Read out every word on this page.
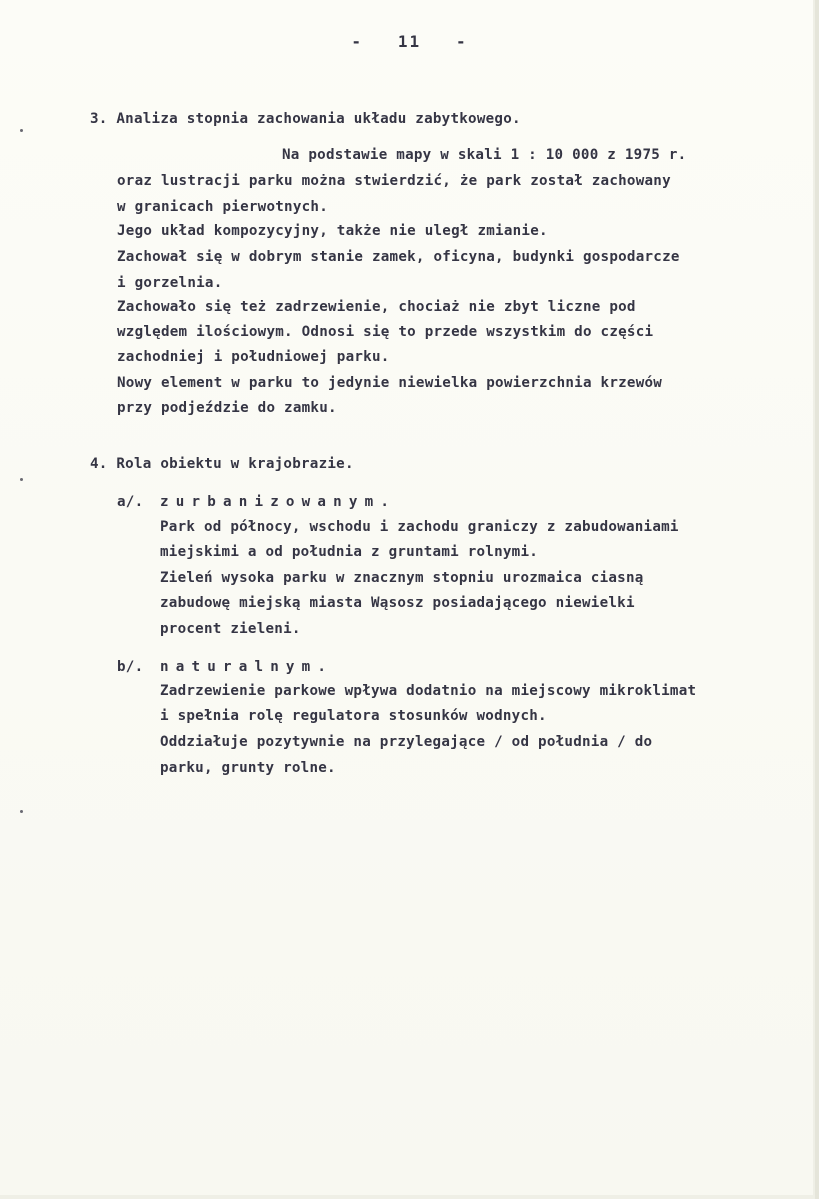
-   11   -
3. Analiza stopnia zachowania układu zabytkowego.
Na podstawie mapy w skali 1 : 10 000 z 1975 r.
oraz lustracji parku można stwierdzić, że park został zachowany
w granicach pierwotnych.
Jego układ kompozycyjny, także nie uległ zmianie.
Zachował się w dobrym stanie zamek, oficyna, budynki gospodarcze
i gorzelnia.
Zachowało się też zadrzewienie, chociaż nie zbyt liczne pod
względem ilościowym. Odnosi się to przede wszystkim do części
zachodniej i południowej parku.
Nowy element w parku to jedynie niewielka powierzchnia krzewów
przy podjeździe do zamku.
4. Rola obiektu w krajobrazie.
a/. zurbanizowanym.
Park od północy, wschodu i zachodu graniczy z zabudowaniami
miejskimi a od południa z gruntami rolnymi.
Zieleń wysoka parku w znacznym stopniu urozmaica ciasną
zabudowę miejską miasta Wąsosz posiadającego niewielki
procent zieleni.
b/. naturalnym.
Zadrzewienie parkowe wpływa dodatnio na miejscowy mikroklimat
i spełnia rolę regulatora stosunków wodnych.
Oddziałuje pozytywnie na przylegające / od południa / do
parku, grunty rolne.
